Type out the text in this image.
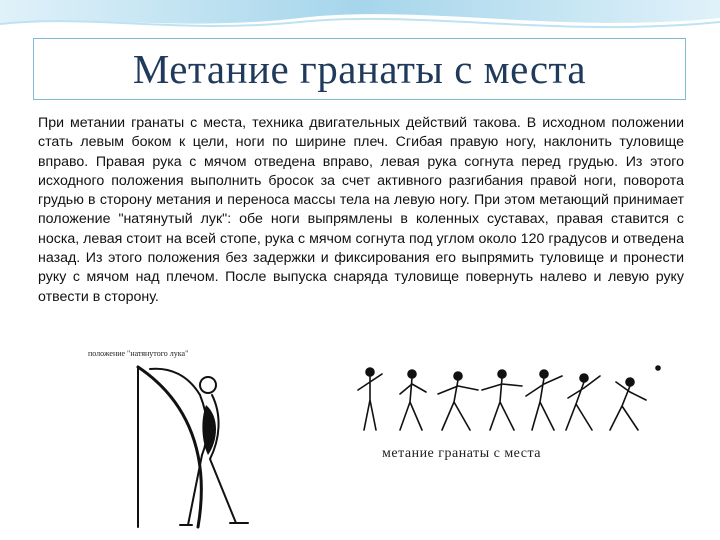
Метание гранаты с места

При метании гранаты с места, техника двигательных действий такова. В исходном положении стать левым боком к цели, ноги по ширине плеч. Сгибая правую ногу, наклонить туловище вправо. Правая рука с мячом отведена вправо, левая рука согнута перед грудью. Из этого исходного положения выполнить бросок за счет активного разгибания правой ноги, поворота грудью в сторону метания и переноса массы тела на левую ногу. При этом метающий принимает положение "натянутый лук": обе ноги выпрямлены в коленных суставах, правая ставится с носка, левая стоит на всей стопе, рука с мячом согнута под углом около 120 градусов и отведена назад. Из этого положения без задержки и фиксирования его выпрямить туловище и пронести руку с мячом над плечом. После выпуска снаряда туловище повернуть налево и левую руку отвести в сторону.

положение "натянутого лука"
метание гранаты с места
